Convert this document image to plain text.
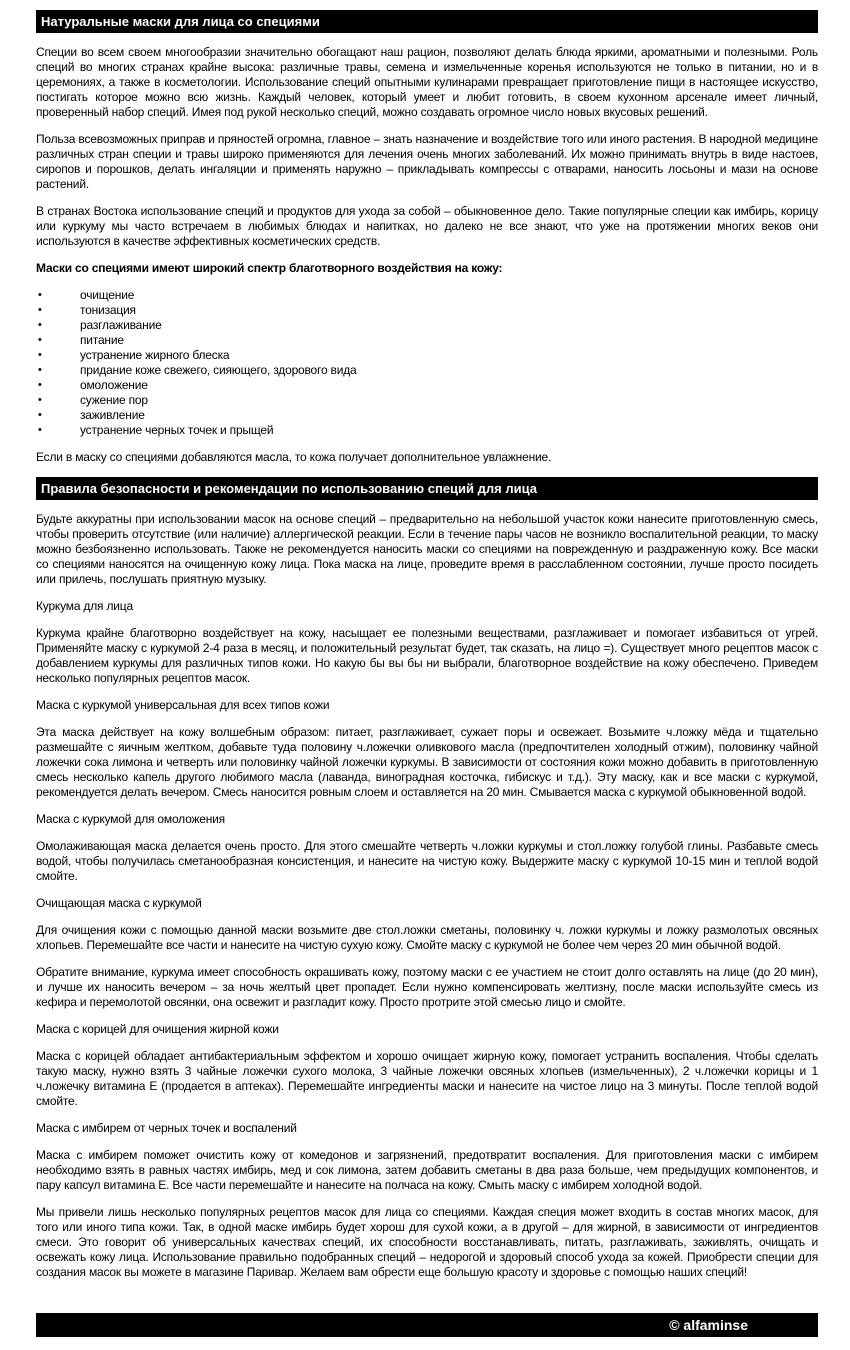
Натуральные маски для лица со специями

Специи во всем своем многообразии значительно обогащают наш рацион, позволяют делать блюда яркими, ароматными и полезными. Роль специй во многих странах крайне высока: различные травы, семена и измельченные коренья используются не только в питании, но и в церемониях, а также в косметологии. Использование специй опытными кулинарами превращает приготовление пищи в настоящее искусство, постигать которое можно всю жизнь. Каждый человек, который умеет и любит готовить, в своем кухонном арсенале имеет личный, проверенный набор специй. Имея под рукой несколько специй, можно создавать огромное число новых вкусовых решений.

Польза всевозможных приправ и пряностей огромна, главное – знать назначение и воздействие того или иного растения. В народной медицине различных стран специи и травы широко применяются для лечения очень многих заболеваний. Их можно принимать внутрь в виде настоев, сиропов и порошков, делать ингаляции и применять наружно – прикладывать компрессы с отварами, наносить лосьоны и мази на основе растений.

В странах Востока использование специй и продуктов для ухода за собой – обыкновенное дело. Такие популярные специи как имбирь, корицу или куркуму мы часто встречаем в любимых блюдах и напитках, но далеко не все знают, что уже на протяжении многих веков они используются в качестве эффективных косметических средств.

Маски со специями имеют широкий спектр благотворного воздействия на кожу:

• очищение
• тонизация
• разглаживание
• питание
• устранение жирного блеска
• придание коже свежего, сияющего, здорового вида
• омоложение
• сужение пор
• заживление
• устранение черных точек и прыщей

Если в маску со специями добавляются масла, то кожа получает дополнительное увлажнение.

Правила безопасности и рекомендации по использованию специй для лица

Будьте аккуратны при использовании масок на основе специй – предварительно на небольшой участок кожи нанесите приготовленную смесь, чтобы проверить отсутствие (или наличие) аллергической реакции. Если в течение пары часов не возникло воспалительной реакции, то маску можно безбоязненно использовать. Также не рекомендуется наносить маски со специями на поврежденную и раздраженную кожу. Все маски со специями наносятся на очищенную кожу лица. Пока маска на лице, проведите время в расслабленном состоянии, лучше просто посидеть или прилечь, послушать приятную музыку.

Куркума для лица

Куркума крайне благотворно воздействует на кожу, насыщает ее полезными веществами, разглаживает и помогает избавиться от угрей. Применяйте маску с куркумой 2-4 раза в месяц, и положительный результат будет, так сказать, на лицо =). Существует много рецептов масок с добавлением куркумы для различных типов кожи. Но какую бы вы бы ни выбрали, благотворное воздействие на кожу обеспечено. Приведем несколько популярных рецептов масок.

Маска с куркумой универсальная для всех типов кожи

Эта маска действует на кожу волшебным образом: питает, разглаживает, сужает поры и освежает. Возьмите ч.ложку мёда и тщательно размешайте с яичным желтком, добавьте туда половину ч.ложечки оливкового масла (предпочтителен холодный отжим), половинку чайной ложечки сока лимона и четверть или половинку чайной ложечки куркумы. В зависимости от состояния кожи можно добавить в приготовленную смесь несколько капель другого любимого масла (лаванда, виноградная косточка, гибискус и т.д.). Эту маску, как и все маски с куркумой, рекомендуется делать вечером. Смесь наносится ровным слоем и оставляется на 20 мин. Смывается маска с куркумой обыкновенной водой.

Маска с куркумой для омоложения

Омолаживающая маска делается очень просто. Для этого смешайте четверть ч.ложки куркумы и стол.ложку голубой глины. Разбавьте смесь водой, чтобы получилась сметанообразная консистенция, и нанесите на чистую кожу. Выдержите маску с куркумой 10-15 мин и теплой водой смойте.

Очищающая маска с куркумой

Для очищения кожи с помощью данной маски возьмите две стол.ложки сметаны, половинку ч. ложки куркумы и ложку размолотых овсяных хлопьев. Перемешайте все части и нанесите на чистую сухую кожу. Смойте маску с куркумой не более чем через 20 мин обычной водой.

Обратите внимание, куркума имеет способность окрашивать кожу, поэтому маски с ее участием не стоит долго оставлять на лице (до 20 мин), и лучше их наносить вечером – за ночь желтый цвет пропадет. Если нужно компенсировать желтизну, после маски используйте смесь из кефира и перемолотой овсянки, она освежит и разгладит кожу. Просто протрите этой смесью лицо и смойте.

Маска с корицей для очищения жирной кожи

Маска с корицей обладает антибактериальным эффектом и хорошо очищает жирную кожу, помогает устранить воспаления. Чтобы сделать такую маску, нужно взять 3 чайные ложечки сухого молока, 3 чайные ложечки овсяных хлопьев (измельченных), 2 ч.ложечки корицы и 1 ч.ложечку витамина Е (продается в аптеках). Перемешайте ингредиенты маски и нанесите на чистое лицо на 3 минуты. После теплой водой смойте.

Маска с имбирем от черных точек и воспалений

Маска с имбирем поможет очистить кожу от комедонов и загрязнений, предотвратит воспаления. Для приготовления маски с имбирем необходимо взять в равных частях имбирь, мед и сок лимона, затем добавить сметаны в два раза больше, чем предыдущих компонентов, и пару капсул витамина Е. Все части перемешайте и нанесите на полчаса на кожу. Смыть маску с имбирем холодной водой.

Мы привели лишь несколько популярных рецептов масок для лица со специями. Каждая специя может входить в состав многих масок, для того или иного типа кожи. Так, в одной маске имбирь будет хорош для сухой кожи, а в другой – для жирной, в зависимости от ингредиентов смеси. Это говорит об универсальных качествах специй, их способности восстанавливать, питать, разглаживать, заживлять, очищать и освежать кожу лица. Использование правильно подобранных специй – недорогой и здоровый способ ухода за кожей. Приобрести специи для создания масок вы можете в магазине Паривар. Желаем вам обрести еще большую красоту и здоровье с помощью наших специй!

© alfaminse
